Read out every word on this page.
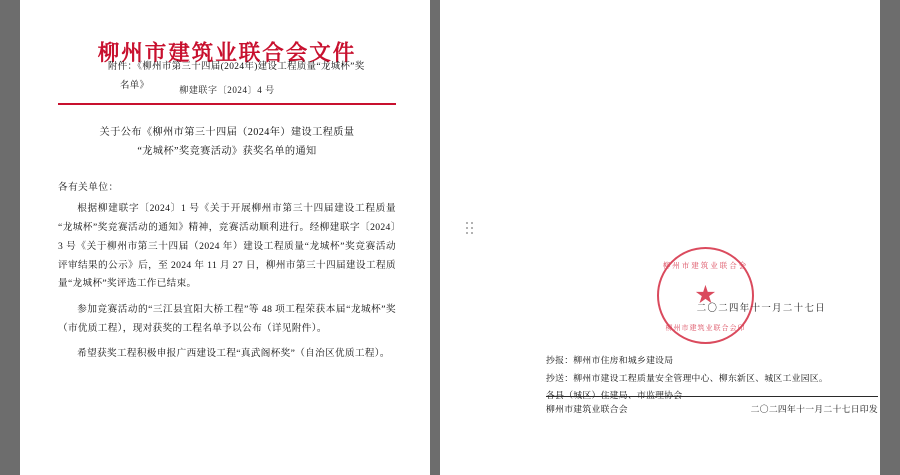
柳州市建筑业联合会文件
柳建联字〔2024〕4 号
关于公布《柳州市第三十四届（2024年）建设工程质量
“龙城杯”奖竞赛活动》获奖名单的通知
各有关单位：
根据柳建联字〔2024〕1 号《关于开展柳州市第三十四届建设工程质量“龙城杯”奖竞赛活动的通知》精神，竞赛活动顺利进行。经柳建联字〔2024〕3 号《关于柳州市第三十四届（2024 年）建设工程质量“龙城杯”奖竞赛活动评审结果的公示》后，至 2024 年 11 月 27 日，柳州市第三十四届建设工程质量“龙城杯”奖评选工作已结束。
参加竞赛活动的“三江县宜阳大桥工程”等 48 项工程荣获本届“龙城杯”奖（市优质工程），现对获奖的工程名单予以公布（详见附件）。
希望获奖工程积极申报广西建设工程“真武阁杯奖”（自治区优质工程）。
附件：《柳州市第三十四届(2024年)建设工程质量“龙城杯”奖
名单》
柳州市建筑业联合会
★
柳州市建筑业联合会印
二〇二四年十一月二十七日
抄报：柳州市住房和城乡建设局
抄送：柳州市建设工程质量安全管理中心、柳东新区、城区工业园区。
柳州市建筑业联合会	二〇二四年十一月二十七日印发
